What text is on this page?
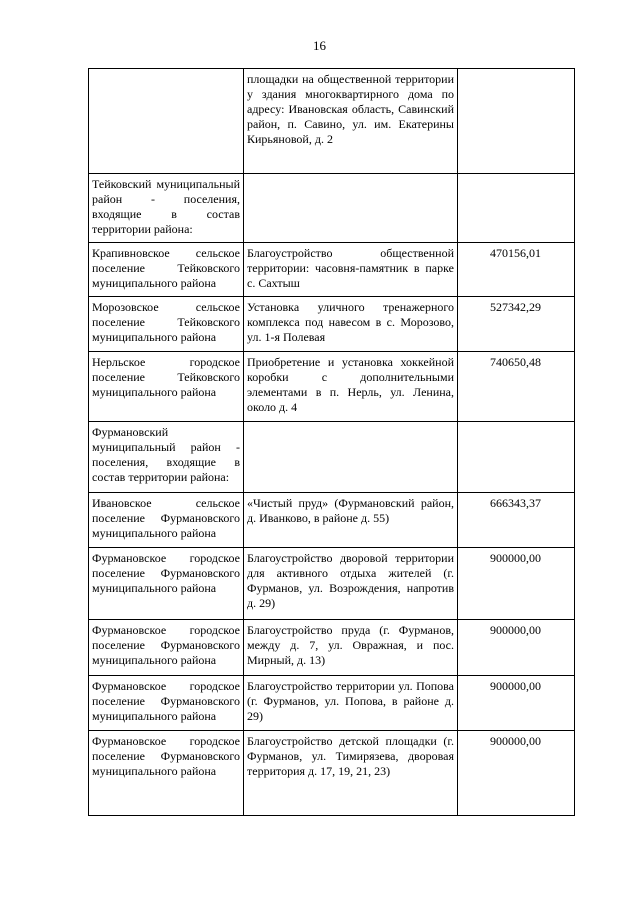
16
	площадки на общественной территории у здания многоквартирного дома по адресу: Ивановская область, Савинский район, п. Савино, ул. им. Екатерины Кирьяновой, д. 2	
Тейковский муниципальный район - поселения, входящие в состав территории района:		
Крапивновское сельское поселение Тейковского муниципального района	Благоустройство общественной территории: часовня-памятник в парке с. Сахтыш	470156,01
Морозовское сельское поселение Тейковского муниципального района	Установка уличного тренажерного комплекса под навесом в с. Морозово, ул. 1-я Полевая	527342,29
Нерльское городское поселение Тейковского муниципального района	Приобретение и установка хоккейной коробки с дополнительными элементами в п. Нерль, ул. Ленина, около д. 4	740650,48
Фурмановский муниципальный район - поселения, входящие в состав территории района:		
Ивановское сельское поселение Фурмановского муниципального района	«Чистый пруд» (Фурмановский район, д. Иванково, в районе д. 55)	666343,37
Фурмановское городское поселение Фурмановского муниципального района	Благоустройство дворовой территории для активного отдыха жителей (г. Фурманов, ул. Возрождения, напротив д. 29)	900000,00
Фурмановское городское поселение Фурмановского муниципального района	Благоустройство пруда (г. Фурманов, между д. 7, ул. Овражная, и пос. Мирный, д. 13)	900000,00
Фурмановское городское поселение Фурмановского муниципального района	Благоустройство территории ул. Попова (г. Фурманов, ул. Попова, в районе д. 29)	900000,00
Фурмановское городское поселение Фурмановского муниципального района	Благоустройство детской площадки (г. Фурманов, ул. Тимирязева, дворовая территория д. 17, 19, 21, 23)	900000,00
